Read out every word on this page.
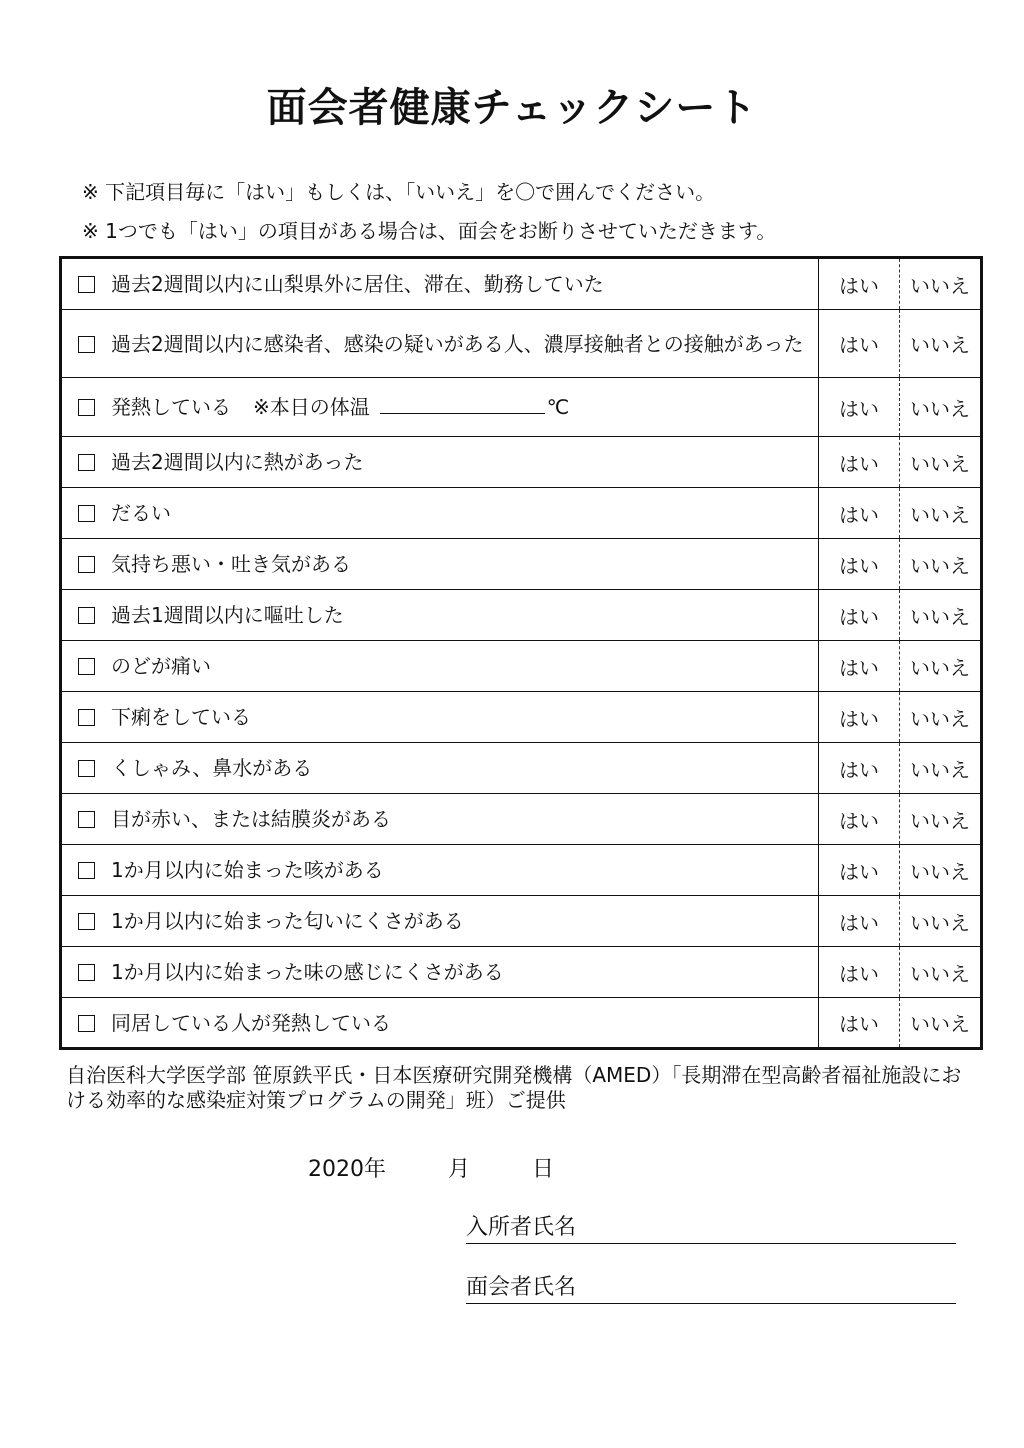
面会者健康チェックシート
※ 下記項目毎に「はい」もしくは、「いいえ」を〇で囲んでください。
※ 1つでも「はい」の項目がある場合は、面会をお断りさせていただきます。
過去2週間以内に山梨県外に居住、滞在、勤務していた	はい	いいえ

過去2週間以内に感染者、感染の疑いがある人、濃厚接触者との接触があった	はい	いいえ

発熱している ※本日の体温 ℃	はい	いいえ

過去2週間以内に熱があった	はい	いいえ

だるい	はい	いいえ

気持ち悪い・吐き気がある	はい	いいえ

過去1週間以内に嘔吐した	はい	いいえ

のどが痛い	はい	いいえ

下痢をしている	はい	いいえ

くしゃみ、鼻水がある	はい	いいえ

目が赤い、または結膜炎がある	はい	いいえ

1か月以内に始まった咳がある	はい	いいえ

1か月以内に始まった匂いにくさがある	はい	いいえ

1か月以内に始まった味の感じにくさがある	はい	いいえ

同居している人が発熱している	はい	いいえ
自治医科大学医学部 笹原鉄平氏・日本医療研究開発機構（AMED）「長期滞在型高齢者福祉施設における効率的な感染症対策プログラムの開発」班）ご提供
2020年	月	日
入所者氏名
面会者氏名
